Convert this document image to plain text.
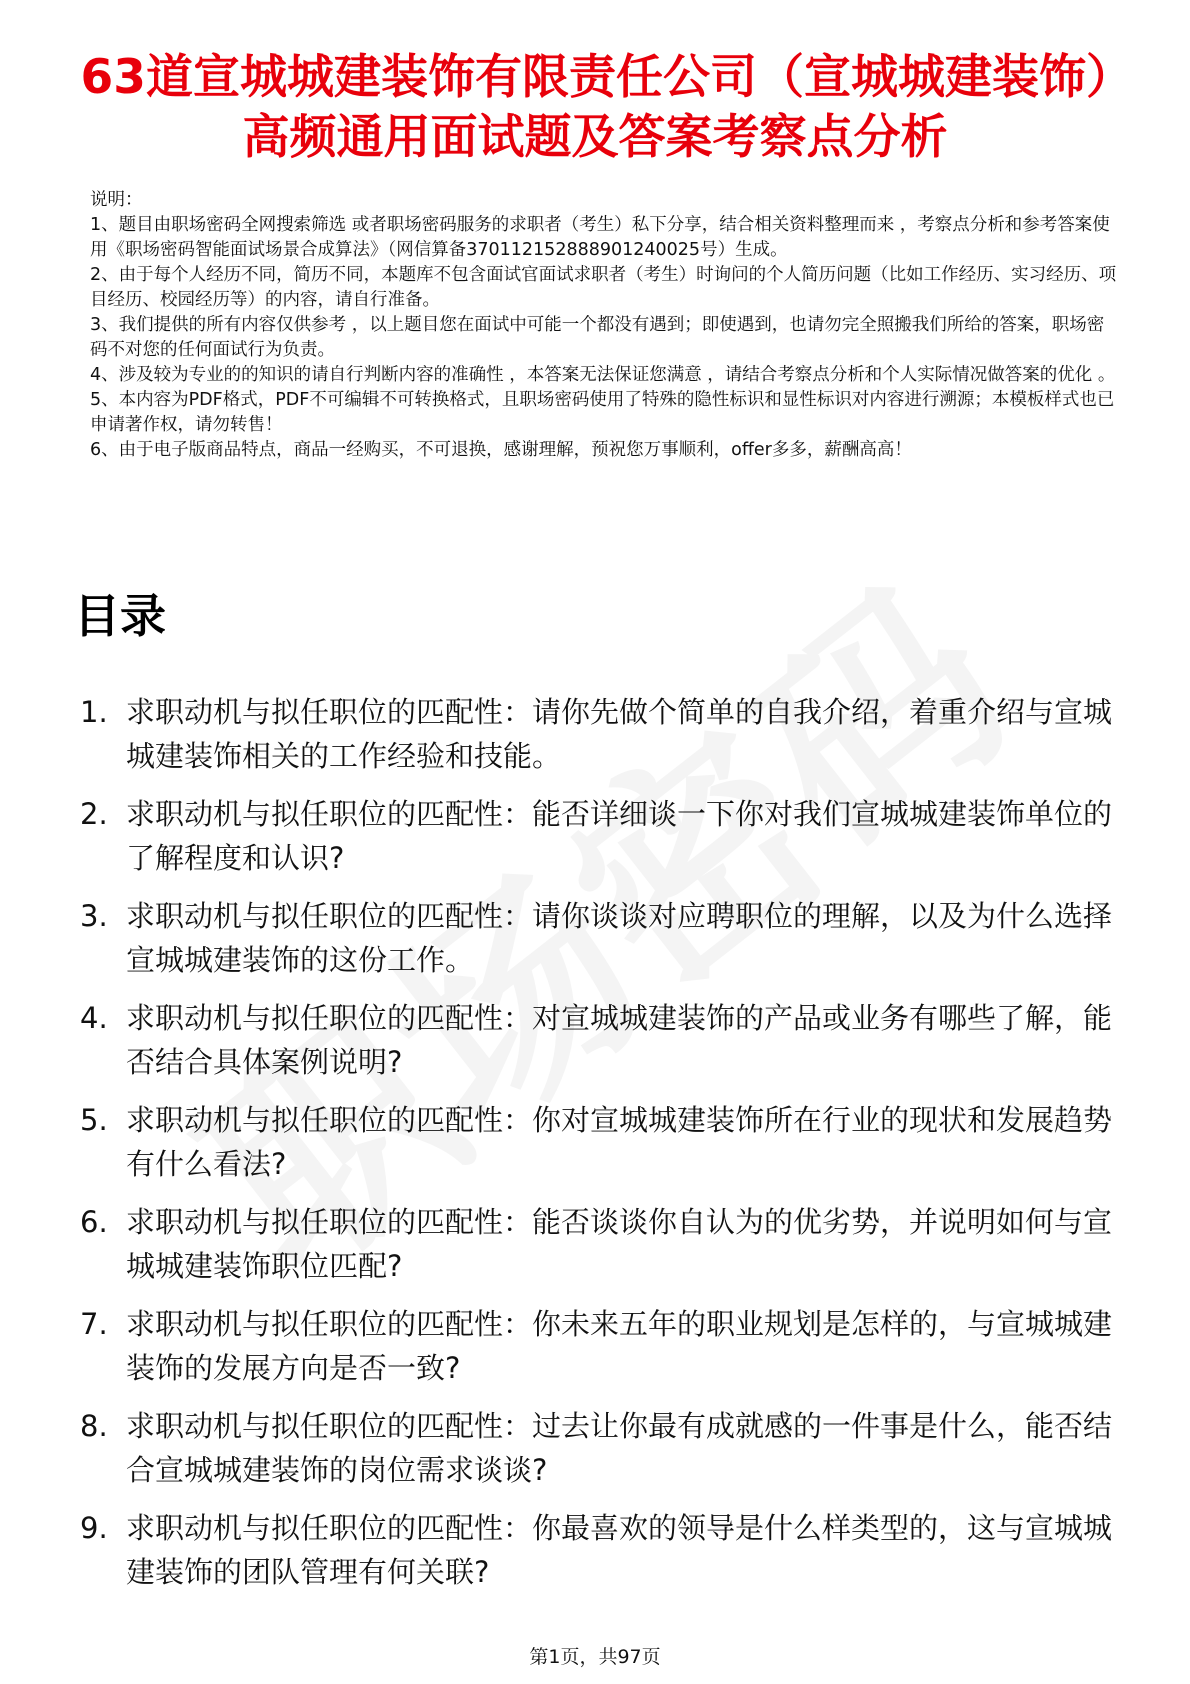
63道宣城城建装饰有限责任公司（宣城城建装饰）高频通用面试题及答案考察点分析
说明：
1、题目由职场密码全网搜索筛选 或者职场密码服务的求职者（考生）私下分享，结合相关资料整理而来 ，考察点分析和参考答案使用《职场密码智能面试场景合成算法》（网信算备370112152888901240025号）生成。
2、由于每个人经历不同，简历不同，本题库不包含面试官面试求职者（考生）时询问的个人简历问题（比如工作经历、实习经历、项目经历、校园经历等）的内容，请自行准备。
3、我们提供的所有内容仅供参考 ，以上题目您在面试中可能一个都没有遇到；即使遇到，也请勿完全照搬我们所给的答案，职场密码不对您的任何面试行为负责。
4、涉及较为专业的的知识的请自行判断内容的准确性 ，本答案无法保证您满意 ，请结合考察点分析和个人实际情况做答案的优化 。
5、本内容为PDF格式，PDF不可编辑不可转换格式，且职场密码使用了特殊的隐性标识和显性标识对内容进行溯源；本模板样式也已申请著作权，请勿转售！
6、由于电子版商品特点，商品一经购买，不可退换，感谢理解，预祝您万事顺利，offer多多，薪酬高高！
目录
1. 求职动机与拟任职位的匹配性：请你先做个简单的自我介绍，着重介绍与宣城城建装饰相关的工作经验和技能。
2. 求职动机与拟任职位的匹配性：能否详细谈一下你对我们宣城城建装饰单位的了解程度和认识?
3. 求职动机与拟任职位的匹配性：请你谈谈对应聘职位的理解，以及为什么选择宣城城建装饰的这份工作。
4. 求职动机与拟任职位的匹配性：对宣城城建装饰的产品或业务有哪些了解，能否结合具体案例说明?
5. 求职动机与拟任职位的匹配性：你对宣城城建装饰所在行业的现状和发展趋势有什么看法?
6. 求职动机与拟任职位的匹配性：能否谈谈你自认为的优劣势，并说明如何与宣城城建装饰职位匹配?
7. 求职动机与拟任职位的匹配性：你未来五年的职业规划是怎样的，与宣城城建装饰的发展方向是否一致?
8. 求职动机与拟任职位的匹配性：过去让你最有成就感的一件事是什么，能否结合宣城城建装饰的岗位需求谈谈?
9. 求职动机与拟任职位的匹配性：你最喜欢的领导是什么样类型的，这与宣城城建装饰的团队管理有何关联?
第1页，共97页
